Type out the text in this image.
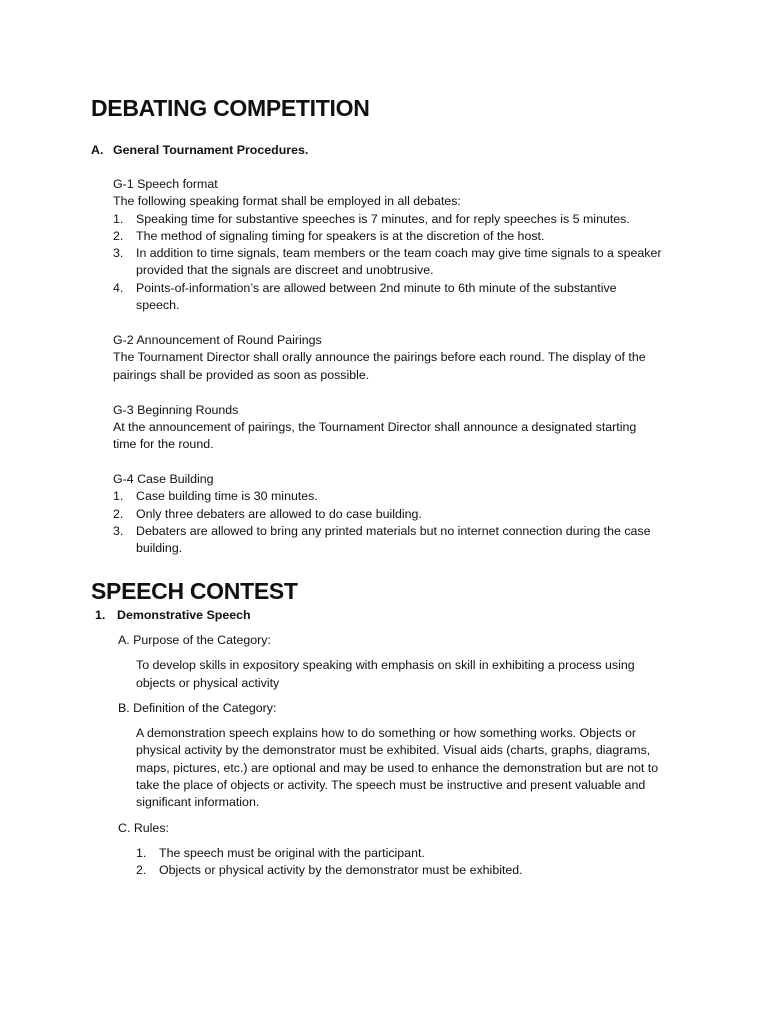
DEBATING COMPETITION
A. General Tournament Procedures.
G-1 Speech format
The following speaking format shall be employed in all debates:
1. Speaking time for substantive speeches is 7 minutes, and for reply speeches is 5 minutes.
2. The method of signaling timing for speakers is at the discretion of the host.
3. In addition to time signals, team members or the team coach may give time signals to a speaker
provided that the signals are discreet and unobtrusive.
4. Points-of-information’s are allowed between 2nd minute to 6th minute of the substantive
speech.
G-2 Announcement of Round Pairings
The Tournament Director shall orally announce the pairings before each round. The display of the
pairings shall be provided as soon as possible.
G-3 Beginning Rounds
At the announcement of pairings, the Tournament Director shall announce a designated starting
time for the round.
G-4 Case Building
1. Case building time is 30 minutes.
2. Only three debaters are allowed to do case building.
3. Debaters are allowed to bring any printed materials but no internet connection during the case
building.
SPEECH CONTEST
1. Demonstrative Speech
A. Purpose of the Category:
To develop skills in expository speaking with emphasis on skill in exhibiting a process using
objects or physical activity
B. Definition of the Category:
A demonstration speech explains how to do something or how something works. Objects or
physical activity by the demonstrator must be exhibited. Visual aids (charts, graphs, diagrams,
maps, pictures, etc.) are optional and may be used to enhance the demonstration but are not to
take the place of objects or activity. The speech must be instructive and present valuable and
significant information.
C. Rules:
1. The speech must be original with the participant.
2. Objects or physical activity by the demonstrator must be exhibited.
